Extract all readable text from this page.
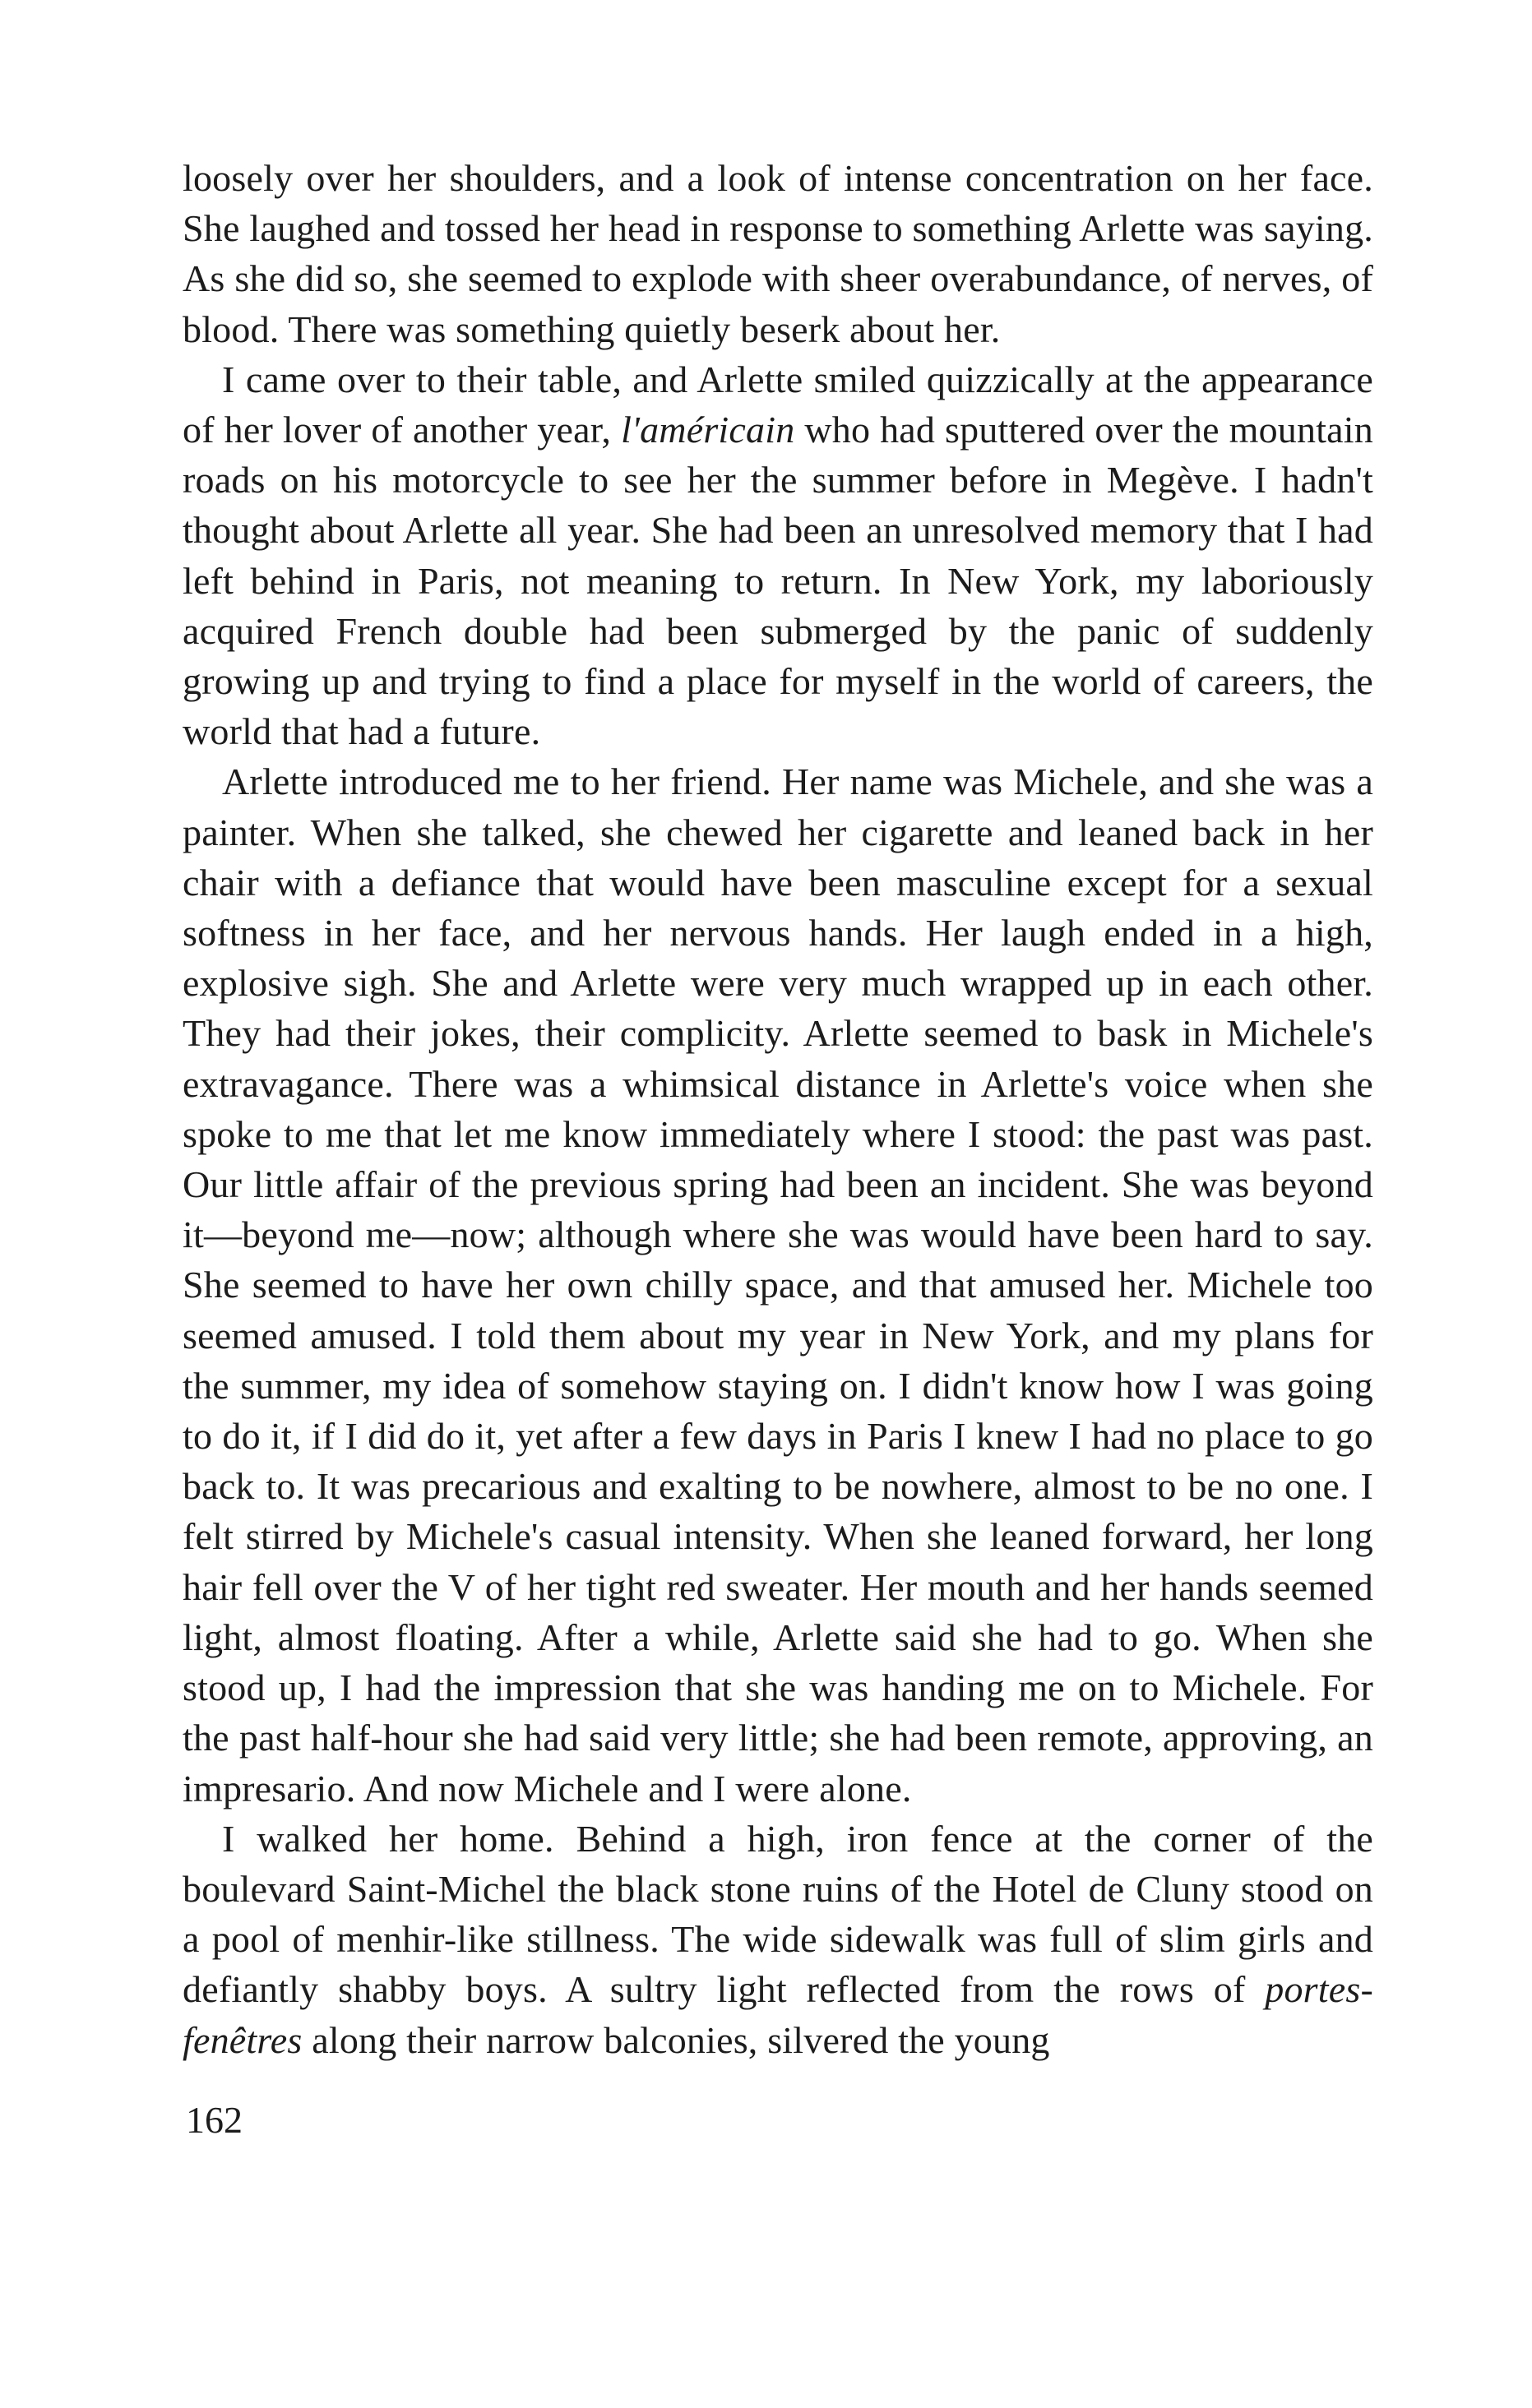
loosely over her shoulders, and a look of intense concentration on her face. She laughed and tossed her head in response to something Arlette was saying. As she did so, she seemed to explode with sheer overabundance, of nerves, of blood. There was something quietly beserk about her.

I came over to their table, and Arlette smiled quizzically at the appearance of her lover of another year, l'américain who had sputtered over the mountain roads on his motorcycle to see her the summer before in Megève. I hadn't thought about Arlette all year. She had been an unresolved memory that I had left behind in Paris, not meaning to return. In New York, my laboriously acquired French double had been submerged by the panic of suddenly growing up and trying to find a place for myself in the world of careers, the world that had a future.

Arlette introduced me to her friend. Her name was Michele, and she was a painter. When she talked, she chewed her cigarette and leaned back in her chair with a defiance that would have been masculine except for a sexual softness in her face, and her nervous hands. Her laugh ended in a high, explosive sigh. She and Arlette were very much wrapped up in each other. They had their jokes, their complicity. Arlette seemed to bask in Michele's extravagance. There was a whimsical distance in Arlette's voice when she spoke to me that let me know immediately where I stood: the past was past. Our little affair of the previous spring had been an incident. She was beyond it—beyond me—now; although where she was would have been hard to say. She seemed to have her own chilly space, and that amused her. Michele too seemed amused. I told them about my year in New York, and my plans for the summer, my idea of somehow staying on. I didn't know how I was going to do it, if I did do it, yet after a few days in Paris I knew I had no place to go back to. It was precarious and exalting to be nowhere, almost to be no one. I felt stirred by Michele's casual intensity. When she leaned forward, her long hair fell over the V of her tight red sweater. Her mouth and her hands seemed light, almost floating. After a while, Arlette said she had to go. When she stood up, I had the impression that she was handing me on to Michele. For the past half-hour she had said very little; she had been remote, approving, an impresario. And now Michele and I were alone.

I walked her home. Behind a high, iron fence at the corner of the boulevard Saint-Michel the black stone ruins of the Hotel de Cluny stood on a pool of menhir-like stillness. The wide sidewalk was full of slim girls and defiantly shabby boys. A sultry light reflected from the rows of portes-fenêtres along their narrow balconies, silvered the young

162
